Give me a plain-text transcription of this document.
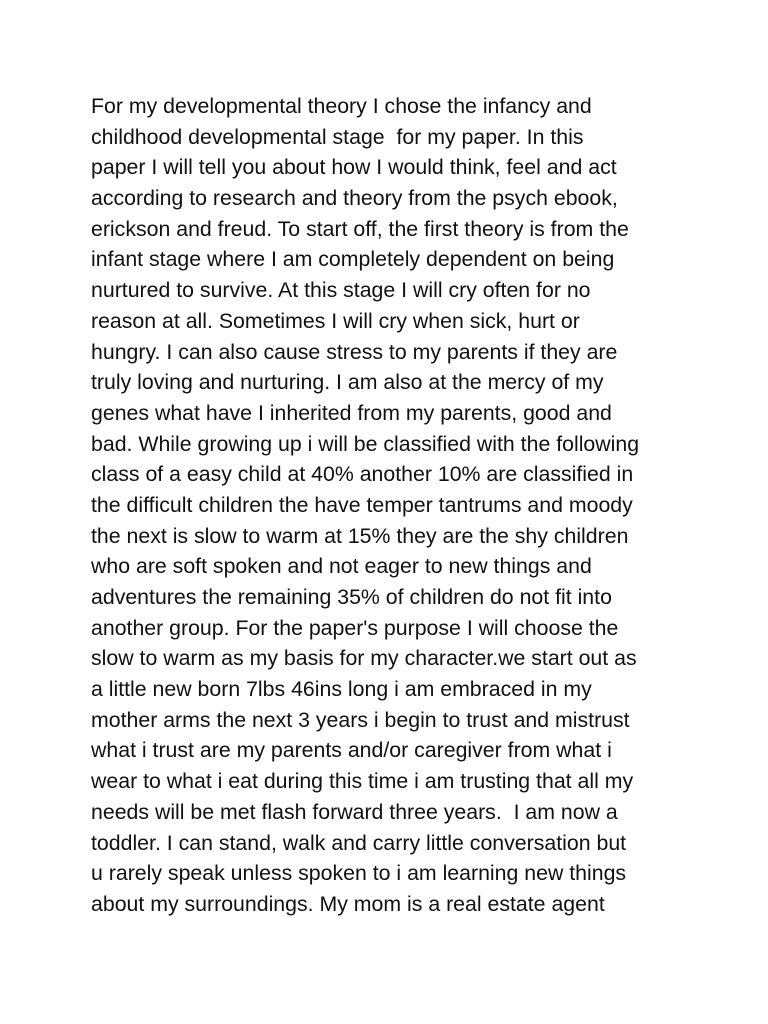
For my developmental theory I chose the infancy and
childhood developmental stage  for my paper. In this
paper I will tell you about how I would think, feel and act
according to research and theory from the psych ebook,
erickson and freud. To start off, the first theory is from the
infant stage where I am completely dependent on being
nurtured to survive. At this stage I will cry often for no
reason at all. Sometimes I will cry when sick, hurt or
hungry. I can also cause stress to my parents if they are
truly loving and nurturing. I am also at the mercy of my
genes what have I inherited from my parents, good and
bad. While growing up i will be classified with the following
class of a easy child at 40% another 10% are classified in
the difficult children the have temper tantrums and moody
the next is slow to warm at 15% they are the shy children
who are soft spoken and not eager to new things and
adventures the remaining 35% of children do not fit into
another group. For the paper's purpose I will choose the
slow to warm as my basis for my character.we start out as
a little new born 7lbs 46ins long i am embraced in my
mother arms the next 3 years i begin to trust and mistrust
what i trust are my parents and/or caregiver from what i
wear to what i eat during this time i am trusting that all my
needs will be met flash forward three years.  I am now a
toddler. I can stand, walk and carry little conversation but
u rarely speak unless spoken to i am learning new things
about my surroundings. My mom is a real estate agent
